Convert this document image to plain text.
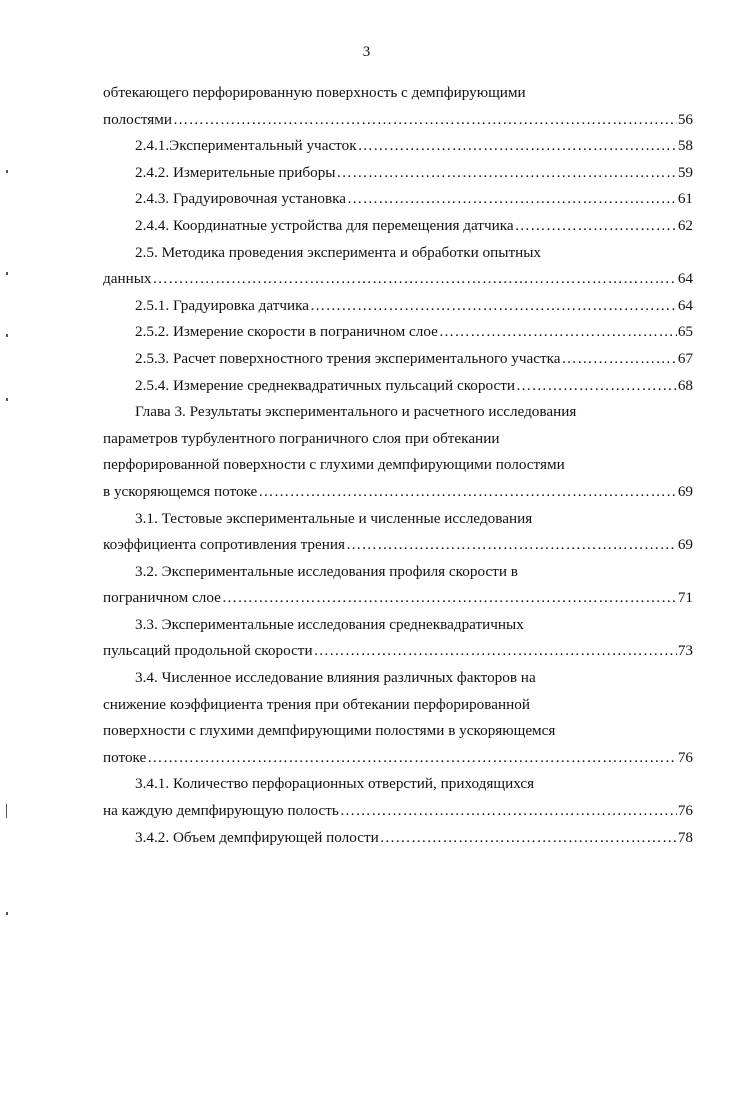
3
обтекающего перфорированную поверхность с демпфирующими
полостями ………………………………………………………………………………………………………………………………………………………	56
2.4.1.Экспериментальный участок ………………………………………………………………………………………………………………………………………………………	58
2.4.2. Измерительные приборы ………………………………………………………………………………………………………………………………………………………	59
2.4.3. Градуировочная установка ………………………………………………………………………………………………………………………………………………………	61
2.4.4. Координатные устройства для перемещения датчика ………………………………………………………………………………………………………………………………………………………	62
2.5. Методика проведения эксперимента и обработки опытных
данных ………………………………………………………………………………………………………………………………………………………	64
2.5.1. Градуировка датчика ………………………………………………………………………………………………………………………………………………………	64
2.5.2. Измерение скорости в пограничном слое ………………………………………………………………………………………………………………………………………………………	65
2.5.3. Расчет поверхностного трения экспериментального участка ………………………………………………………………………………………………………………………………………………………	67
2.5.4. Измерение среднеквадратичных пульсаций скорости ………………………………………………………………………………………………………………………………………………………	68
Глава 3. Результаты экспериментального и расчетного исследования
параметров турбулентного пограничного слоя при обтекании
перфорированной поверхности с глухими демпфирующими полостями
в ускоряющемся потоке ………………………………………………………………………………………………………………………………………………………	69
3.1. Тестовые экспериментальные и численные исследования
коэффициента сопротивления трения ………………………………………………………………………………………………………………………………………………………	69
3.2. Экспериментальные исследования профиля скорости в
пограничном слое ………………………………………………………………………………………………………………………………………………………	71
3.3. Экспериментальные исследования среднеквадратичных
пульсаций продольной скорости ………………………………………………………………………………………………………………………………………………………	73
3.4. Численное исследование влияния различных факторов на
снижение коэффициента трения при обтекании перфорированной
поверхности с глухими демпфирующими полостями в ускоряющемся
потоке ………………………………………………………………………………………………………………………………………………………	76
3.4.1. Количество перфорационных отверстий, приходящихся
на каждую демпфирующую полость ………………………………………………………………………………………………………………………………………………………	76
3.4.2. Объем демпфирующей полости ………………………………………………………………………………………………………………………………………………………	78
